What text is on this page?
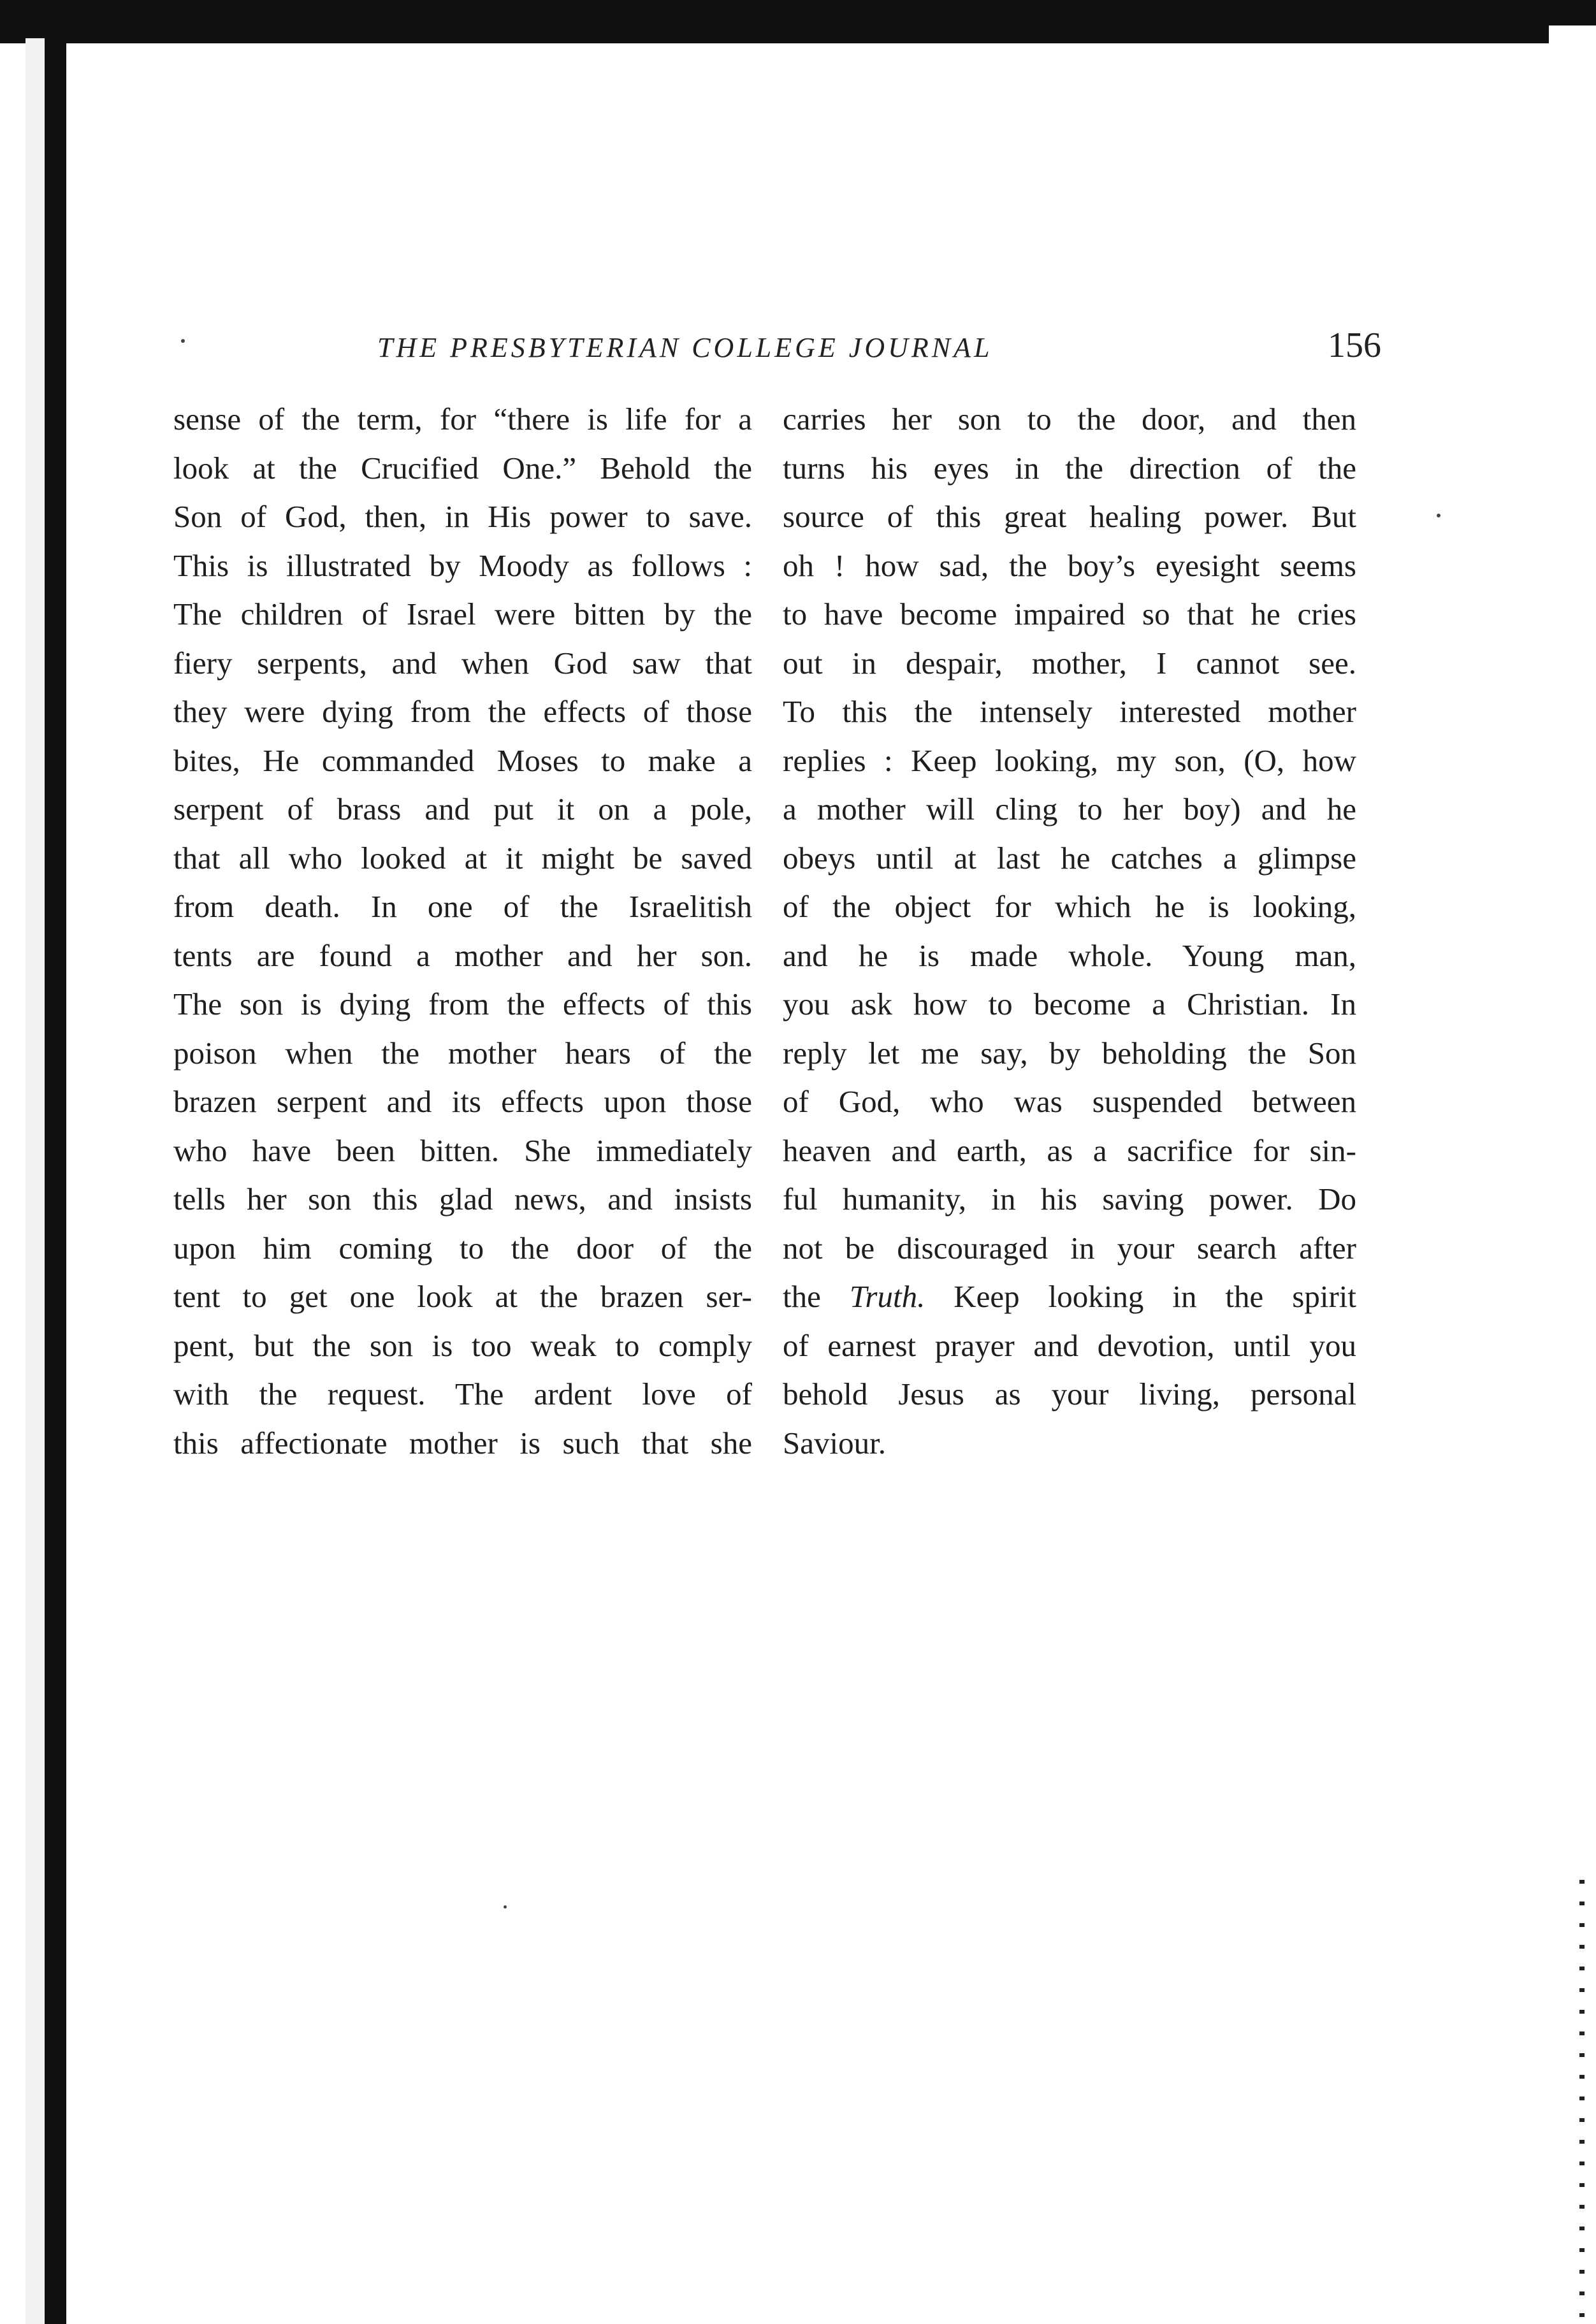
THE PRESBYTERIAN COLLEGE JOURNAL	156
sense of the term, for “there is life for a
look at the Crucified One.” Behold the
Son of God, then, in His power to save.
This is illustrated by Moody as follows :
The children of Israel were bitten by the
fiery serpents, and when God saw that
they were dying from the effects of those
bites, He commanded Moses to make a
serpent of brass and put it on a pole,
that all who looked at it might be saved
from death. In one of the Israelitish
tents are found a mother and her son.
The son is dying from the effects of this
poison when the mother hears of the
brazen serpent and its effects upon those
who have been bitten. She immediately
tells her son this glad news, and insists
upon him coming to the door of the
tent to get one look at the brazen ser-
pent, but the son is too weak to comply
with the request. The ardent love of
this affectionate mother is such that she
carries her son to the door, and then
turns his eyes in the direction of the
source of this great healing power. But
oh ! how sad, the boy’s eyesight seems
to have become impaired so that he cries
out in despair, mother, I cannot see.
To this the intensely interested mother
replies : Keep looking, my son, (O, how
a mother will cling to her boy) and he
obeys until at last he catches a glimpse
of the object for which he is looking,
and he is made whole. Young man,
you ask how to become a Christian. In
reply let me say, by beholding the Son
of God, who was suspended between
heaven and earth, as a sacrifice for sin-
ful humanity, in his saving power. Do
not be discouraged in your search after
the Truth. Keep looking in the spirit
of earnest prayer and devotion, until you
behold Jesus as your living, personal
Saviour.
